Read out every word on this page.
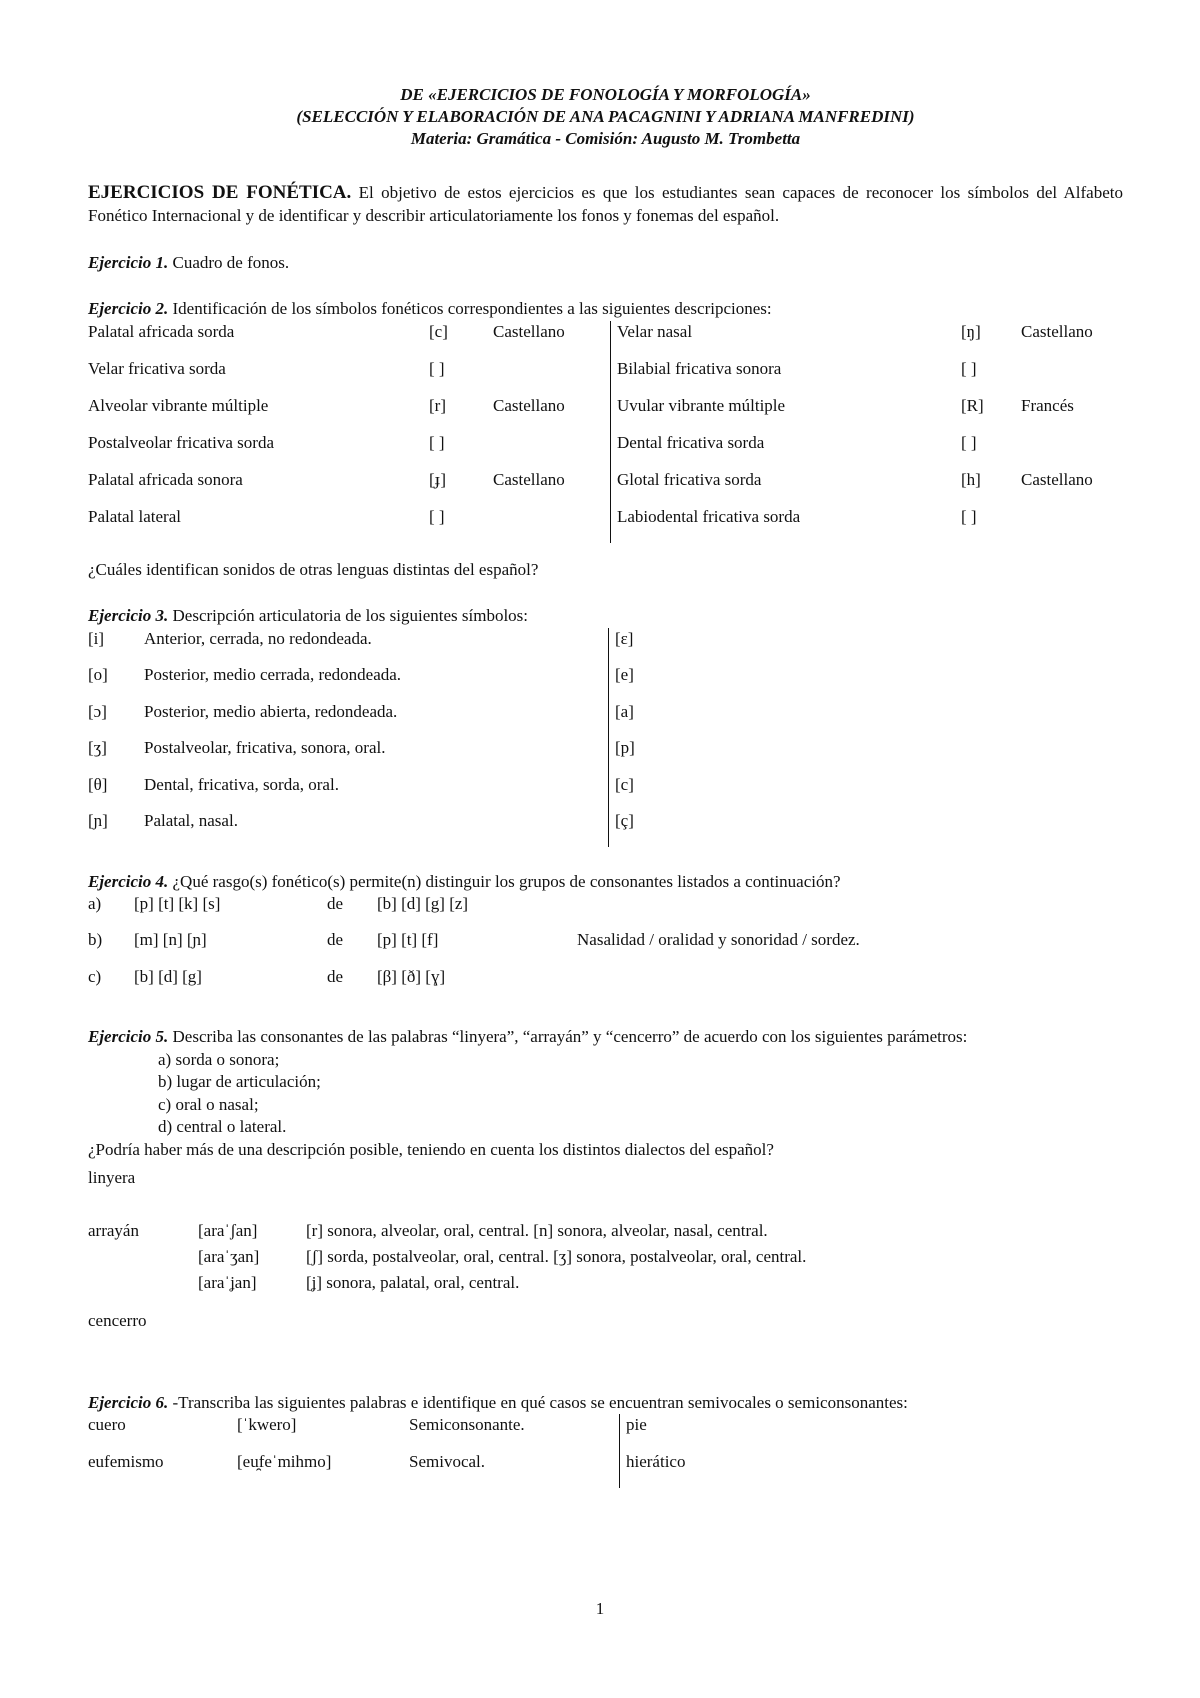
DE «EJERCICIOS DE FONOLOGÍA Y MORFOLOGÍA»
(SELECCIÓN Y ELABORACIÓN DE ANA PACAGNINI Y ADRIANA MANFREDINI)
Materia: Gramática - Comisión: Augusto M. Trombetta

EJERCICIOS DE FONÉTICA. El objetivo de estos ejercicios es que los estudiantes sean capaces de reconocer los símbolos del Alfabeto Fonético Internacional y de identificar y describir articulatoriamente los fonos y fonemas del español.

Ejercicio 1. Cuadro de fonos.

Ejercicio 2. Identificación de los símbolos fonéticos correspondientes a las siguientes descripciones:

Palatal africada sorda	[c]	Castellano	Velar nasal	[ŋ]	Castellano
Velar fricativa sorda	[ ]		Bilabial fricativa sonora	[ ]	
Alveolar vibrante múltiple	[r]	Castellano	Uvular vibrante múltiple	[R]	Francés
Postalveolar fricativa sorda	[ ]		Dental fricativa sorda	[ ]	
Palatal africada sonora	[ɟ]	Castellano	Glotal fricativa sorda	[h]	Castellano
Palatal lateral	[ ]		Labiodental fricativa sorda	[ ]	

¿Cuáles identifican sonidos de otras lenguas distintas del español?

Ejercicio 3. Descripción articulatoria de los siguientes símbolos:

[i]	Anterior, cerrada, no redondeada.	[ɛ]
[o]	Posterior, medio cerrada, redondeada.	[e]
[ɔ]	Posterior, medio abierta, redondeada.	[a]
[ʒ]	Postalveolar, fricativa, sonora, oral.	[p]
[θ]	Dental, fricativa, sorda, oral.	[c]
[ɲ]	Palatal, nasal.	[ç]

Ejercicio 4. ¿Qué rasgo(s) fonético(s) permite(n) distinguir los grupos de consonantes listados a continuación?

a)	[p] [t] [k] [s]	de	[b] [d] [g] [z]	
b)	[m] [n] [ɲ]	de	[p] [t] [f]	Nasalidad / oralidad y sonoridad / sordez.
c)	[b] [d] [g]	de	[β] [ð] [ɣ]	

Ejercicio 5. Describa las consonantes de las palabras “linyera”, “arrayán” y “cencerro” de acuerdo con los siguientes parámetros:

a) sorda o sonora;
b) lugar de articulación;
c) oral o nasal;
d) central o lateral.

¿Podría haber más de una descripción posible, teniendo en cuenta los distintos dialectos del español?

linyera

arrayán	[araˈʃan]	[r] sonora, alveolar, oral, central. [n] sonora, alveolar, nasal, central.
	[araˈʒan]	[ʃ] sorda, postalveolar, oral, central. [ʒ] sonora, postalveolar, oral, central.
	[araˈʝan]	[ʝ] sonora, palatal, oral, central.

cencerro

Ejercicio 6. -Transcriba las siguientes palabras e identifique en qué casos se encuentran semivocales o semiconsonantes:

cuero	[ˈkwero]	Semiconsonante.	pie
eufemismo	[eu̯feˈmihmo]	Semivocal.	hierático
1
